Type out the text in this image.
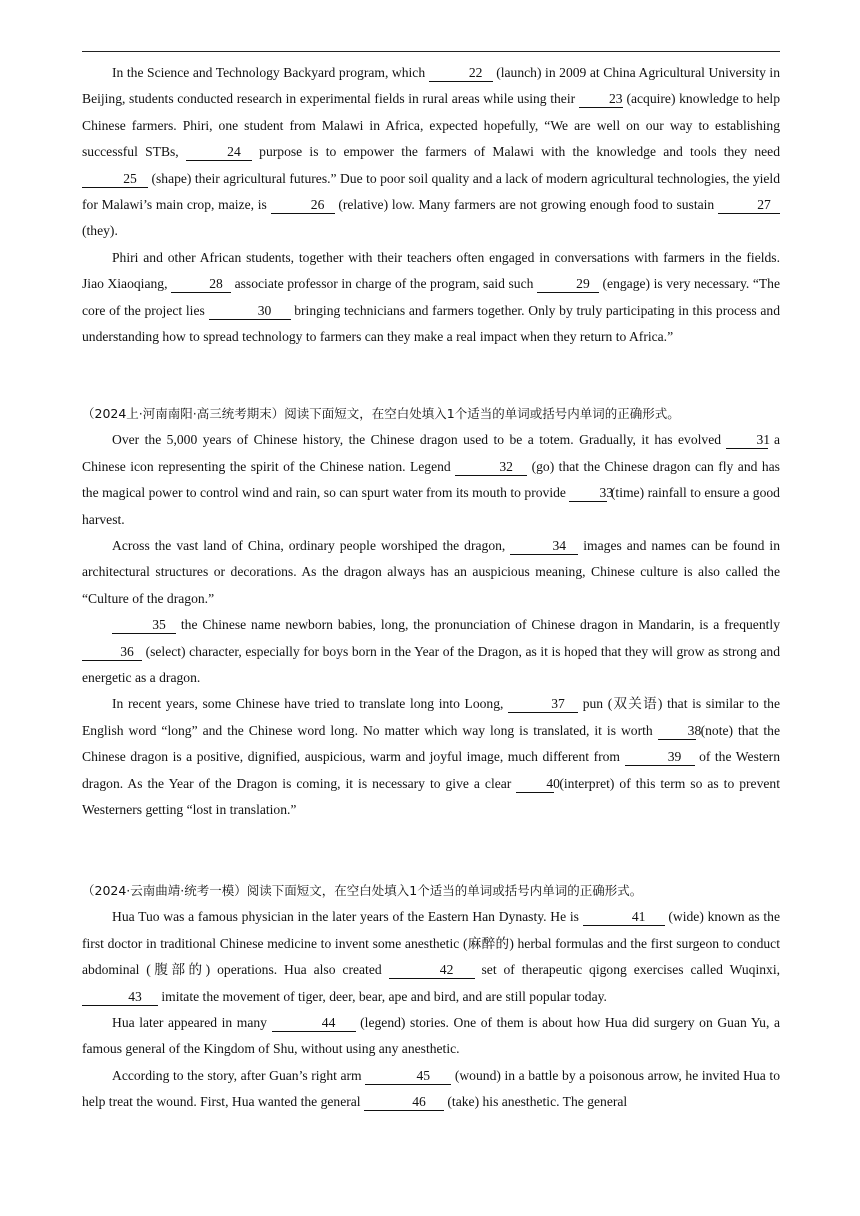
In the Science and Technology Backyard program, which	22 (launch) in 2009 at China Agricultural University in Beijing, students conducted research in experimental fields in rural areas while using their 23 (acquire) knowledge to help Chinese farmers. Phiri, one student from Malawi in Africa, expected hopefully, “We are well on our way to establishing successful STBs,	24 purpose is to empower the farmers of Malawi with the knowledge and tools they need 25 (shape) their agricultural futures.” Due to poor soil quality and a lack of modern agricultural technologies, the yield for Malawi’s main crop, maize, is	26 (relative) low. Many farmers are not growing enough food to sustain	27 (they).

Phiri and other African students, together with their teachers often engaged in conversations with farmers in the fields. Jiao Xiaoqiang,	28 associate professor in charge of the program, said such	29 (engage) is very necessary. “The core of the project lies	30 bringing technicians and farmers together. Only by truly participating in this process and understanding how to spread technology to farmers can they make a real impact when they return to Africa.”

（2024上·河南南阳·高三统考期末）阅读下面短文，在空白处填入1个适当的单词或括号内单词的正确形式。

Over the 5,000 years of Chinese history, the Chinese dragon used to be a totem. Gradually, it has evolved	31 a Chinese icon representing the spirit of the Chinese nation. Legend	32 (go) that the Chinese dragon can fly and has the magical power to control wind and rain, so can spurt water from its mouth to provide 33 (time) rainfall to ensure a good harvest.

Across the vast land of China, ordinary people worshiped the dragon,	34 images and names can be found in architectural structures or decorations. As the dragon always has an auspicious meaning, Chinese culture is also called the “Culture of the dragon.”

35 the Chinese name newborn babies, long, the pronunciation of Chinese dragon in Mandarin, is a frequently 36 (select) character, especially for boys born in the Year of the Dragon, as it is hoped that they will grow as strong and energetic as a dragon.

In recent years, some Chinese have tried to translate long into Loong,	37 pun (双关语) that is similar to the English word “long” and the Chinese word long. No matter which way long is translated, it is worth	38 (note) that the Chinese dragon is a positive, dignified, auspicious, warm and joyful image, much different from	39 of the Western dragon. As the Year of the Dragon is coming, it is necessary to give a clear	40 (interpret) of this term so as to prevent Westerners getting “lost in translation.”

（2024·云南曲靖·统考一模）阅读下面短文，在空白处填入1个适当的单词或括号内单词的正确形式。

Hua Tuo was a famous physician in the later years of the Eastern Han Dynasty. He is	41 (wide) known as the first doctor in traditional Chinese medicine to invent some anesthetic (麻醉的) herbal formulas and the first surgeon to conduct abdominal (腹部的) operations. Hua also created	42 set of therapeutic qigong exercises called Wuqinxi, 43 imitate the movement of tiger, deer, bear, ape and bird, and are still popular today.

Hua later appeared in many	44 (legend) stories. One of them is about how Hua did surgery on Guan Yu, a famous general of the Kingdom of Shu, without using any anesthetic.

According to the story, after Guan’s right arm	45 (wound) in a battle by a poisonous arrow, he invited Hua to help treat the wound. First, Hua wanted the general	46 (take) his anesthetic. The general
